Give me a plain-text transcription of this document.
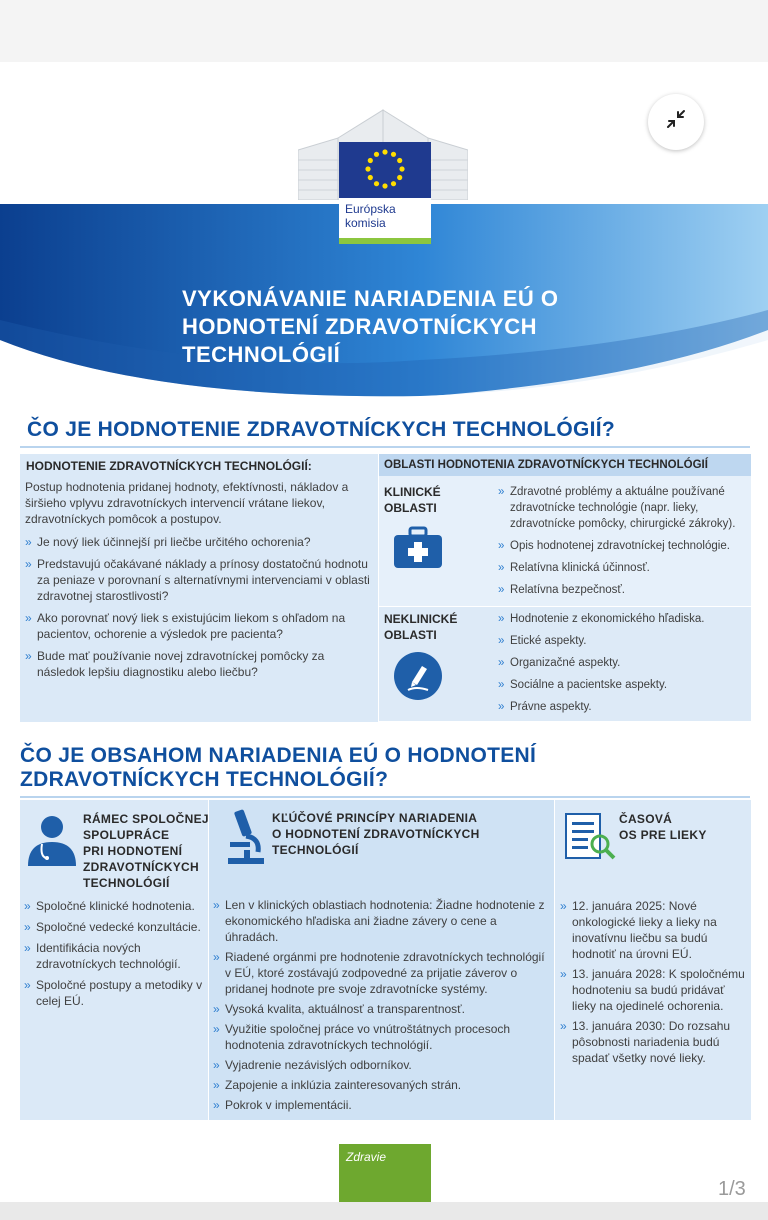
Európska
komisia
VYKONÁVANIE NARIADENIA EÚ O
HODNOTENÍ ZDRAVOTNÍCKYCH
TECHNOLÓGIÍ
ČO JE HODNOTENIE ZDRAVOTNÍCKYCH TECHNOLÓGIÍ?
HODNOTENIE ZDRAVOTNÍCKYCH TECHNOLÓGIÍ:
Postup hodnotenia pridanej hodnoty, efektívnosti, nákladov a širšieho vplyvu zdravotníckych intervencií vrátane liekov, zdravotníckych pomôcok a postupov.
» Je nový liek účinnejší pri liečbe určitého ochorenia?
» Predstavujú očakávané náklady a prínosy dostatočnú hodnotu za peniaze v porovnaní s alternatívnymi intervenciami v oblasti zdravotnej starostlivosti?
» Ako porovnať nový liek s existujúcim liekom s ohľadom na pacientov, ochorenie a výsledok pre pacienta?
» Bude mať používanie novej zdravotníckej pomôcky za následok lepšiu diagnostiku alebo liečbu?
OBLASTI HODNOTENIA ZDRAVOTNÍCKYCH TECHNOLÓGIÍ
KLINICKÉ
OBLASTI
» Zdravotné problémy a aktuálne používané zdravotnícke technológie (napr. lieky, zdravotnícke pomôcky, chirurgické zákroky).
» Opis hodnotenej zdravotníckej technológie.
» Relatívna klinická účinnosť.
» Relatívna bezpečnosť.
NEKLINICKÉ
OBLASTI
» Hodnotenie z ekonomického hľadiska.
» Etické aspekty.
» Organizačné aspekty.
» Sociálne a pacientske aspekty.
» Právne aspekty.
ČO JE OBSAHOM NARIADENIA EÚ O HODNOTENÍ
ZDRAVOTNÍCKYCH TECHNOLÓGIÍ?
RÁMEC SPOLOČNEJ
SPOLUPRÁCE
PRI HODNOTENÍ
ZDRAVOTNÍCKYCH
TECHNOLÓGIÍ
» Spoločné klinické hodnotenia.
» Spoločné vedecké konzultácie.
» Identifikácia nových zdravotníckych technológií.
» Spoločné postupy a metodiky v celej EÚ.
KĽÚČOVÉ PRINCÍPY NARIADENIA
O HODNOTENÍ ZDRAVOTNÍCKYCH
TECHNOLÓGIÍ
» Len v klinických oblastiach hodnotenia: Žiadne hodnotenie z ekonomického hľadiska ani žiadne závery o cene a úhradách.
» Riadené orgánmi pre hodnotenie zdravotníckych technológií v EÚ, ktoré zostávajú zodpovedné za prijatie záverov o pridanej hodnote pre svoje zdravotnícke systémy.
» Vysoká kvalita, aktuálnosť a transparentnosť.
» Využitie spoločnej práce vo vnútroštátnych procesoch hodnotenia zdravotníckych technológií.
» Vyjadrenie nezávislých odborníkov.
» Zapojenie a inklúzia zainteresovaných strán.
» Pokrok v implementácii.
ČASOVÁ
OS PRE LIEKY
» 12. januára 2025: Nové onkologické lieky a lieky na inovatívnu liečbu sa budú hodnotiť na úrovni EÚ.
» 13. januára 2028: K spoločnému hodnoteniu sa budú pridávať lieky na ojedinelé ochorenia.
» 13. januára 2030: Do rozsahu pôsobnosti nariadenia budú spadať všetky nové lieky.
Zdravie
1/3
